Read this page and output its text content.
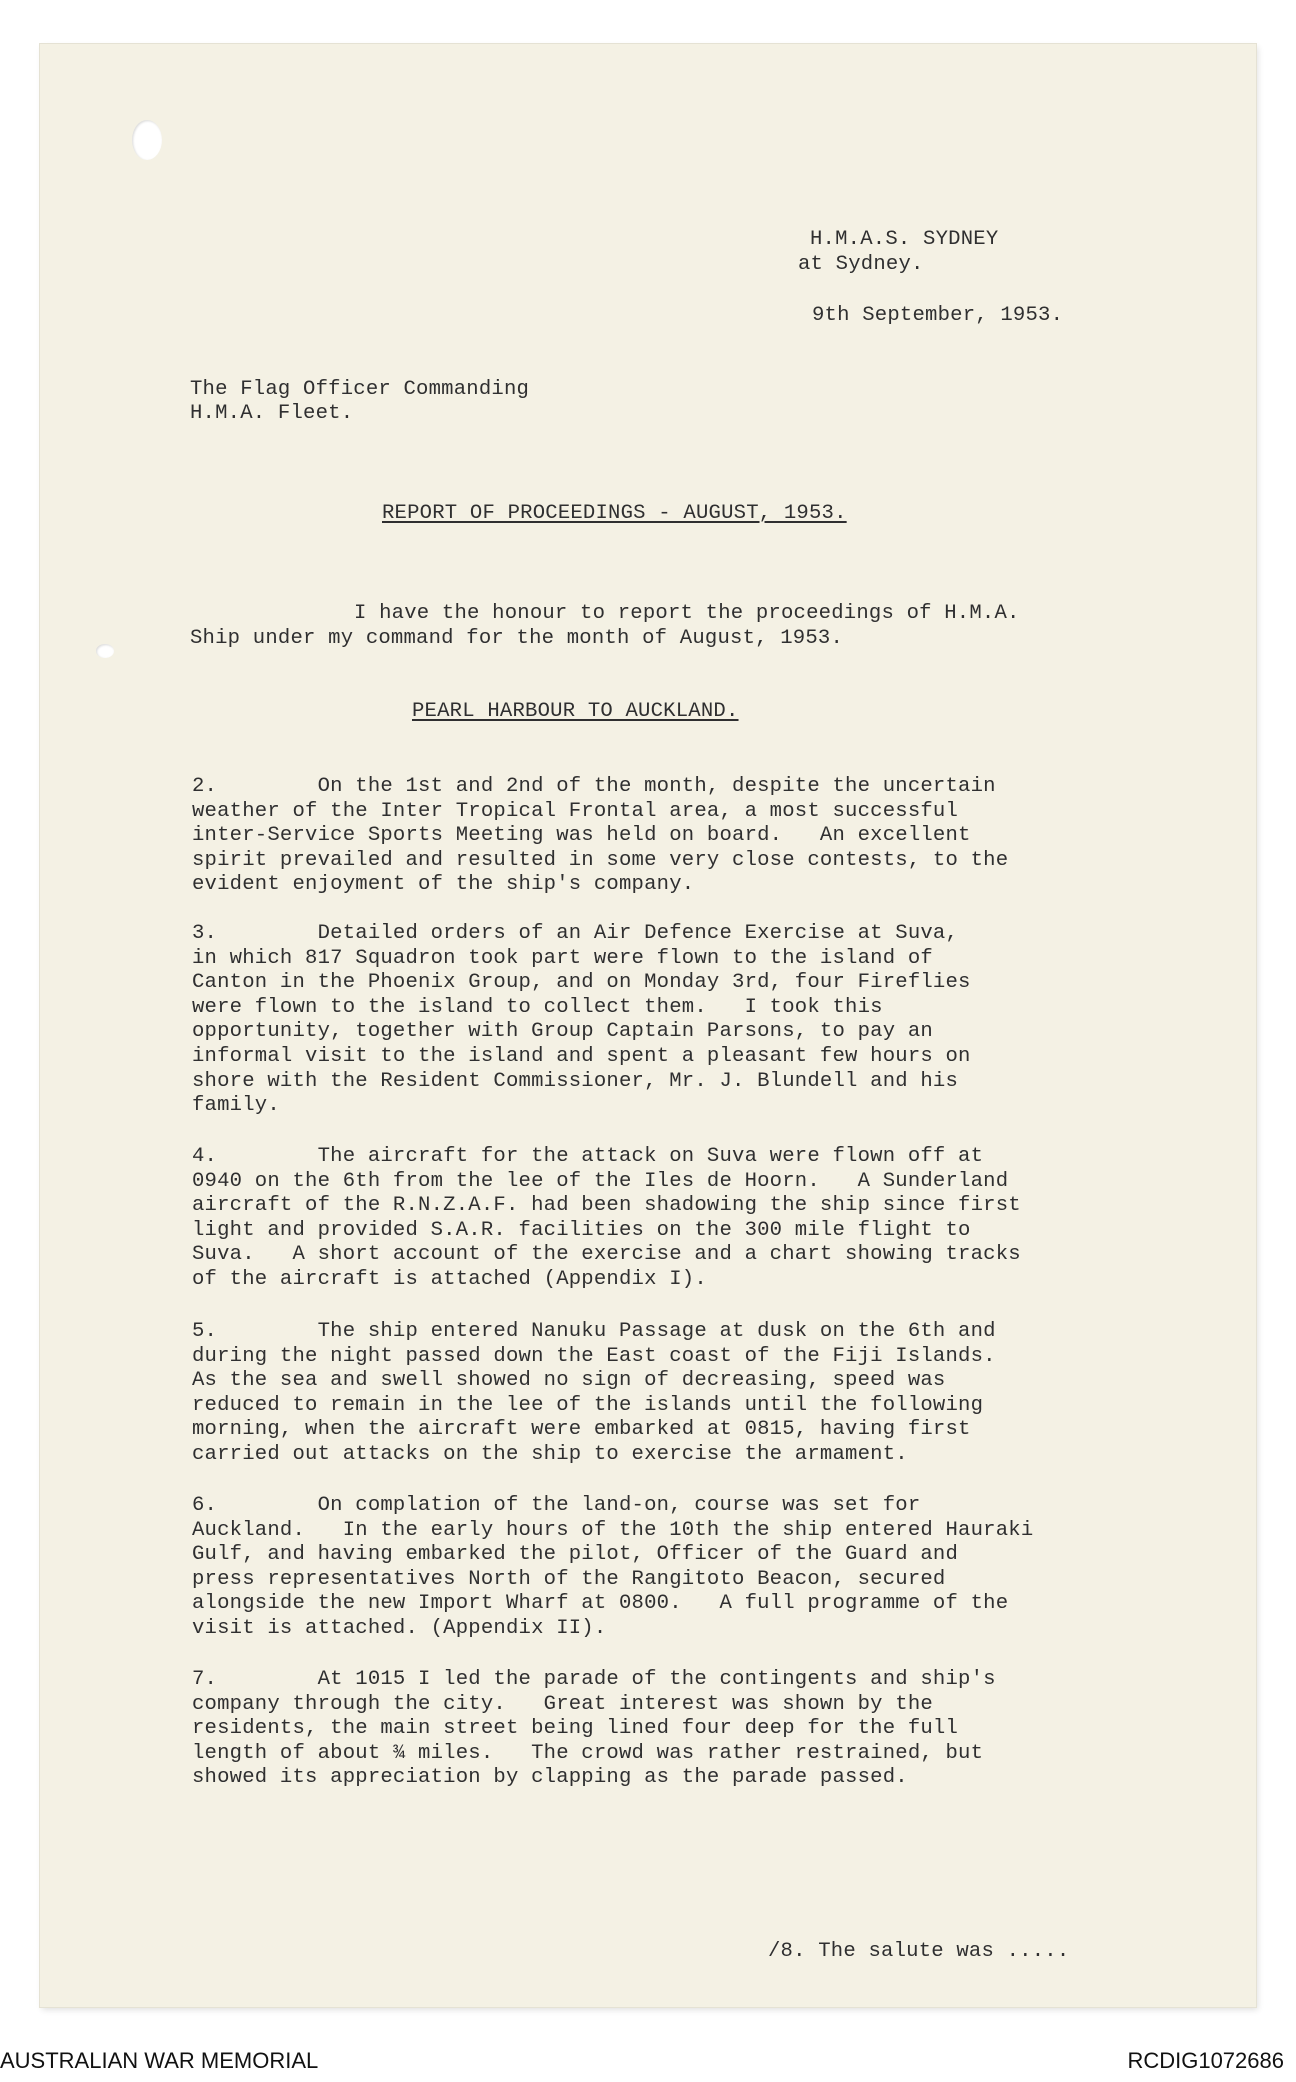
H.M.A.S. SYDNEY

at Sydney.

9th September, 1953.

The Flag Officer Commanding

H.M.A. Fleet.

REPORT OF PROCEEDINGS - AUGUST, 1953.

I have the honour to report the proceedings of H.M.A.

Ship under my command for the month of August, 1953.

PEARL HARBOUR TO AUCKLAND.

2.        On the 1st and 2nd of the month, despite the uncertain
weather of the Inter Tropical Frontal area, a most successful
inter-Service Sports Meeting was held on board.   An excellent
spirit prevailed and resulted in some very close contests, to the
evident enjoyment of the ship's company.

3.        Detailed orders of an Air Defence Exercise at Suva,
in which 817 Squadron took part were flown to the island of
Canton in the Phoenix Group, and on Monday 3rd, four Fireflies
were flown to the island to collect them.   I took this
opportunity, together with Group Captain Parsons, to pay an
informal visit to the island and spent a pleasant few hours on
shore with the Resident Commissioner, Mr. J. Blundell and his
family.

4.        The aircraft for the attack on Suva were flown off at
0940 on the 6th from the lee of the Iles de Hoorn.   A Sunderland
aircraft of the R.N.Z.A.F. had been shadowing the ship since first
light and provided S.A.R. facilities on the 300 mile flight to
Suva.   A short account of the exercise and a chart showing tracks
of the aircraft is attached (Appendix I).

5.        The ship entered Nanuku Passage at dusk on the 6th and
during the night passed down the East coast of the Fiji Islands.
As the sea and swell showed no sign of decreasing, speed was
reduced to remain in the lee of the islands until the following
morning, when the aircraft were embarked at 0815, having first
carried out attacks on the ship to exercise the armament.

6.        On complation of the land-on, course was set for
Auckland.   In the early hours of the 10th the ship entered Hauraki
Gulf, and having embarked the pilot, Officer of the Guard and
press representatives North of the Rangitoto Beacon, secured
alongside the new Import Wharf at 0800.   A full programme of the
visit is attached. (Appendix II).

7.        At 1015 I led the parade of the contingents and ship's
company through the city.   Great interest was shown by the
residents, the main street being lined four deep for the full
length of about ¾ miles.   The crowd was rather restrained, but
showed its appreciation by clapping as the parade passed.

/8. The salute was .....

AUSTRALIAN WAR MEMORIAL	RCDIG1072686
